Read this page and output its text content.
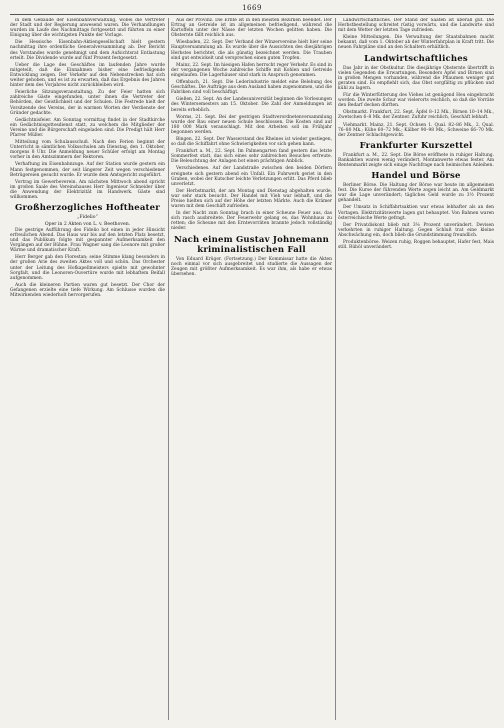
1669
in dem Gebäude der Eisenbahnverwaltung, wobei die Vertreter der Stadt und der Regierung anwesend waren. Die Verhandlungen wurden im Laufe des Nachmittags fortgesetzt und führten zu einer Einigung über die wichtigsten Punkte der Vorlage.
Die Hessische Eisenbahn-Aktiengesellschaft hielt gestern nachmittag ihre ordentliche Generalversammlung ab. Der Bericht des Vorstandes wurde genehmigt und dem Aufsichtsrat Entlastung erteilt. Die Dividende wurde auf fünf Prozent festgesetzt.
Ueber die Lage des Geschäftes im laufenden Jahre wurde mitgeteilt, daß die Einnahmen bisher eine befriedigende Entwicklung zeigen. Der Verkehr auf den Nebenstrecken hat sich weiter gehoben, und es ist zu erwarten, daß das Ergebnis des Jahres hinter dem des Vorjahres nicht zurückbleiben wird.
Feierliche Sitzungsveranstaltung. Zu der Feier hatten sich zahlreiche Gäste eingefunden, unter ihnen die Vertreter der Behörden, der Geistlichkeit und der Schulen. Die Festrede hielt der Vorsitzende des Vereins, der in warmen Worten der Verdienste der Gründer gedachte.
Gedächtnisfeier. Am Sonntag vormittag findet in der Stadtkirche ein Gedächtnisgottesdienst statt, zu welchem die Mitglieder der Vereine und die Bürgerschaft eingeladen sind. Die Predigt hält Herr Pfarrer Müller.
Mitteilung vom Schulausschuß. Nach den Ferien beginnt der Unterricht in sämtlichen Volksschulen am Dienstag, den 1. Oktober, morgens 8 Uhr. Die Anmeldung neuer Schüler erfolgt am Montag vorher in den Amtszimmern der Rektoren.
Verhaftung im Eisenbahnzuge. Auf der Station wurde gestern ein Mann festgenommen, der seit längerer Zeit wegen verschiedener Betrügereien gesucht wurde. Er wurde dem Amtsgericht zugeführt.
Vortrag im Gewerbeverein. Am nächsten Mittwoch abend spricht im großen Saale des Vereinshauses Herr Ingenieur Schneider über die Anwendung der Elektrizität im Handwerk. Gäste sind willkommen.
Großherzogliches Hoftheater
„Fidelio“
Oper in 2 Akten von L. v. Beethoven.
Die gestrige Aufführung des Fidelio bot einen in jeder Hinsicht erfreulichen Abend. Das Haus war bis auf den letzten Platz besetzt, und das Publikum folgte mit gespannter Aufmerksamkeit den Vorgängen auf der Bühne. Frau Wagner sang die Leonore mit großer Wärme und dramatischer Kraft.
Herr Berger gab den Florestan; seine Stimme klang besonders in der großen Arie des zweiten Aktes voll und schön. Das Orchester unter der Leitung des Hofkapellmeisters spielte mit gewohnter Sorgfalt, und die Leonoren-Ouvertüre wurde mit lebhaftem Beifall aufgenommen.
Auch die kleineren Partien waren gut besetzt. Der Chor der Gefangenen erzielte eine tiefe Wirkung. Am Schlusse wurden die Mitwirkenden wiederholt hervorgerufen.
Aus der Provinz. Die Ernte ist in den meisten Bezirken beendet. Der Ertrag an Getreide ist im allgemeinen befriedigend, während die Kartoffeln unter der Nässe der letzten Wochen gelitten haben. Die Obsternte fällt reichlich aus.
Wiesbaden, 22. Sept. Der Verband der Winzervereine hielt hier seine Hauptversammlung ab. Es wurde über die Aussichten des diesjährigen Herbstes berichtet, die als günstig bezeichnet werden. Die Trauben sind gut entwickelt und versprechen einen guten Tropfen.
Mainz, 22. Sept. Im hiesigen Hafen herrscht reger Verkehr. Es sind in der vergangenen Woche zahlreiche Schiffe mit Kohlen und Getreide eingelaufen. Die Lagerhäuser sind stark in Anspruch genommen.
Offenbach, 21. Sept. Die Lederindustrie meldet eine Belebung des Geschäftes. Die Aufträge aus dem Ausland haben zugenommen, und die Fabriken sind voll beschäftigt.
Gießen, 22. Sept. An der Landesuniversität beginnen die Vorlesungen des Wintersemesters am 15. Oktober. Die Zahl der Anmeldungen ist bereits erheblich.
Worms, 21. Sept. Bei der gestrigen Stadtverordnetenversammlung wurde der Bau einer neuen Schule beschlossen. Die Kosten sind auf 180 000 Mark veranschlagt. Mit den Arbeiten soll im Frühjahr begonnen werden.
Bingen, 22. Sept. Der Wasserstand des Rheines ist wieder gestiegen, so daß die Schiffahrt ohne Schwierigkeiten vor sich gehen kann.
Frankfurt a. M., 22. Sept. Im Palmengarten fand gestern das letzte Sommerfest statt, das sich eines sehr zahlreichen Besuches erfreute. Die Beleuchtung der Anlagen bot einen prächtigen Anblick.
Verschiedenes. Auf der Landstraße zwischen den beiden Dörfern ereignete sich gestern abend ein Unfall. Ein Fuhrwerk geriet in den Graben, wobei der Kutscher leichte Verletzungen erlitt. Das Pferd blieb unverletzt.
Der Herbstmarkt, der am Montag und Dienstag abgehalten wurde, war sehr stark besucht. Der Handel mit Vieh war lebhaft, und die Preise hielten sich auf der Höhe der letzten Märkte. Auch die Krämer waren mit dem Geschäft zufrieden.
In der Nacht zum Sonntag brach in einer Scheune Feuer aus, das sich rasch ausbreitete. Der Feuerwehr gelang es, das Wohnhaus zu retten; die Scheune mit den Erntevorräten brannte jedoch vollständig nieder.
Nach einem Gustav Johnemann kriminalistischen Fall
Von Eduard Krüger. (Fortsetzung.) Der Kommissar hatte die Akten noch einmal vor sich ausgebreitet und studierte die Aussagen der Zeugen mit größter Aufmerksamkeit. Es war ihm, als habe er etwas übersehen.
Landwirtschaftliches. Der Stand der Saaten ist überall gut. Die Herbstbestellung schreitet rüstig vorwärts, und die Landwirte sind mit dem Wetter der letzten Tage zufrieden.
Kleine Mitteilungen. Die Verwaltung der Staatsbahnen macht bekannt, daß vom 1. Oktober ab der Winterfahrplan in Kraft tritt. Die neuen Fahrpläne sind an den Schaltern erhältlich.
Landwirtschaftliches
Das Jahr in der Obstkultur. Die diesjährige Obsternte übertrifft in vielen Gegenden die Erwartungen. Besonders Äpfel und Birnen sind in großen Mengen vorhanden, während die Pflaumen weniger gut geraten sind. Es empfiehlt sich, das Obst sorgfältig zu pflücken und kühl zu lagern.
Für die Winterfütterung des Viehes ist genügend Heu eingebracht worden. Die zweite Schur war vielerorts reichlich, so daß die Vorräte den Bedarf decken dürften.
Obstmarkt. Frankfurt, 22. Sept. Äpfel 8–12 Mk., Birnen 10–14 Mk., Zwetschen 6–8 Mk. der Zentner. Zufuhr reichlich, Geschäft lebhaft.
Viehmarkt. Mainz, 21. Sept. Ochsen 1. Qual. 82–86 Mk., 2. Qual. 76–80 Mk.; Kühe 60–72 Mk.; Kälber 90–98 Mk.; Schweine 66–70 Mk. der Zentner Schlachtgewicht.
Frankfurter Kurszettel
Frankfurt a. M., 22. Sept. Die Börse eröffnete in ruhiger Haltung. Bankaktien waren wenig verändert, Montanwerte etwas fester. Am Rentenmarkt zeigte sich einige Nachfrage nach heimischen Anleihen.
Handel und Börse
Berliner Börse. Die Haltung der Börse war heute im allgemeinen fest. Die Kurse der führenden Werte zogen leicht an. Am Geldmarkt war die Lage unverändert; tägliches Geld wurde zu 3½ Prozent gehandelt.
Der Umsatz in Schiffahrtsaktien war etwas lebhafter als an den Vortagen. Elektrizitätswerte lagen gut behauptet. Von Bahnen waren österreichische Werte gefragt.
Der Privatdiskont blieb mit 3⅛ Prozent unverändert. Devisen verkehrten in ruhiger Haltung. Gegen Schluß trat eine kleine Abschwächung ein, doch blieb die Grundstimmung freundlich.
Produktenbörse. Weizen ruhig, Roggen behauptet, Hafer fest, Mais still. Rüböl unverändert.
